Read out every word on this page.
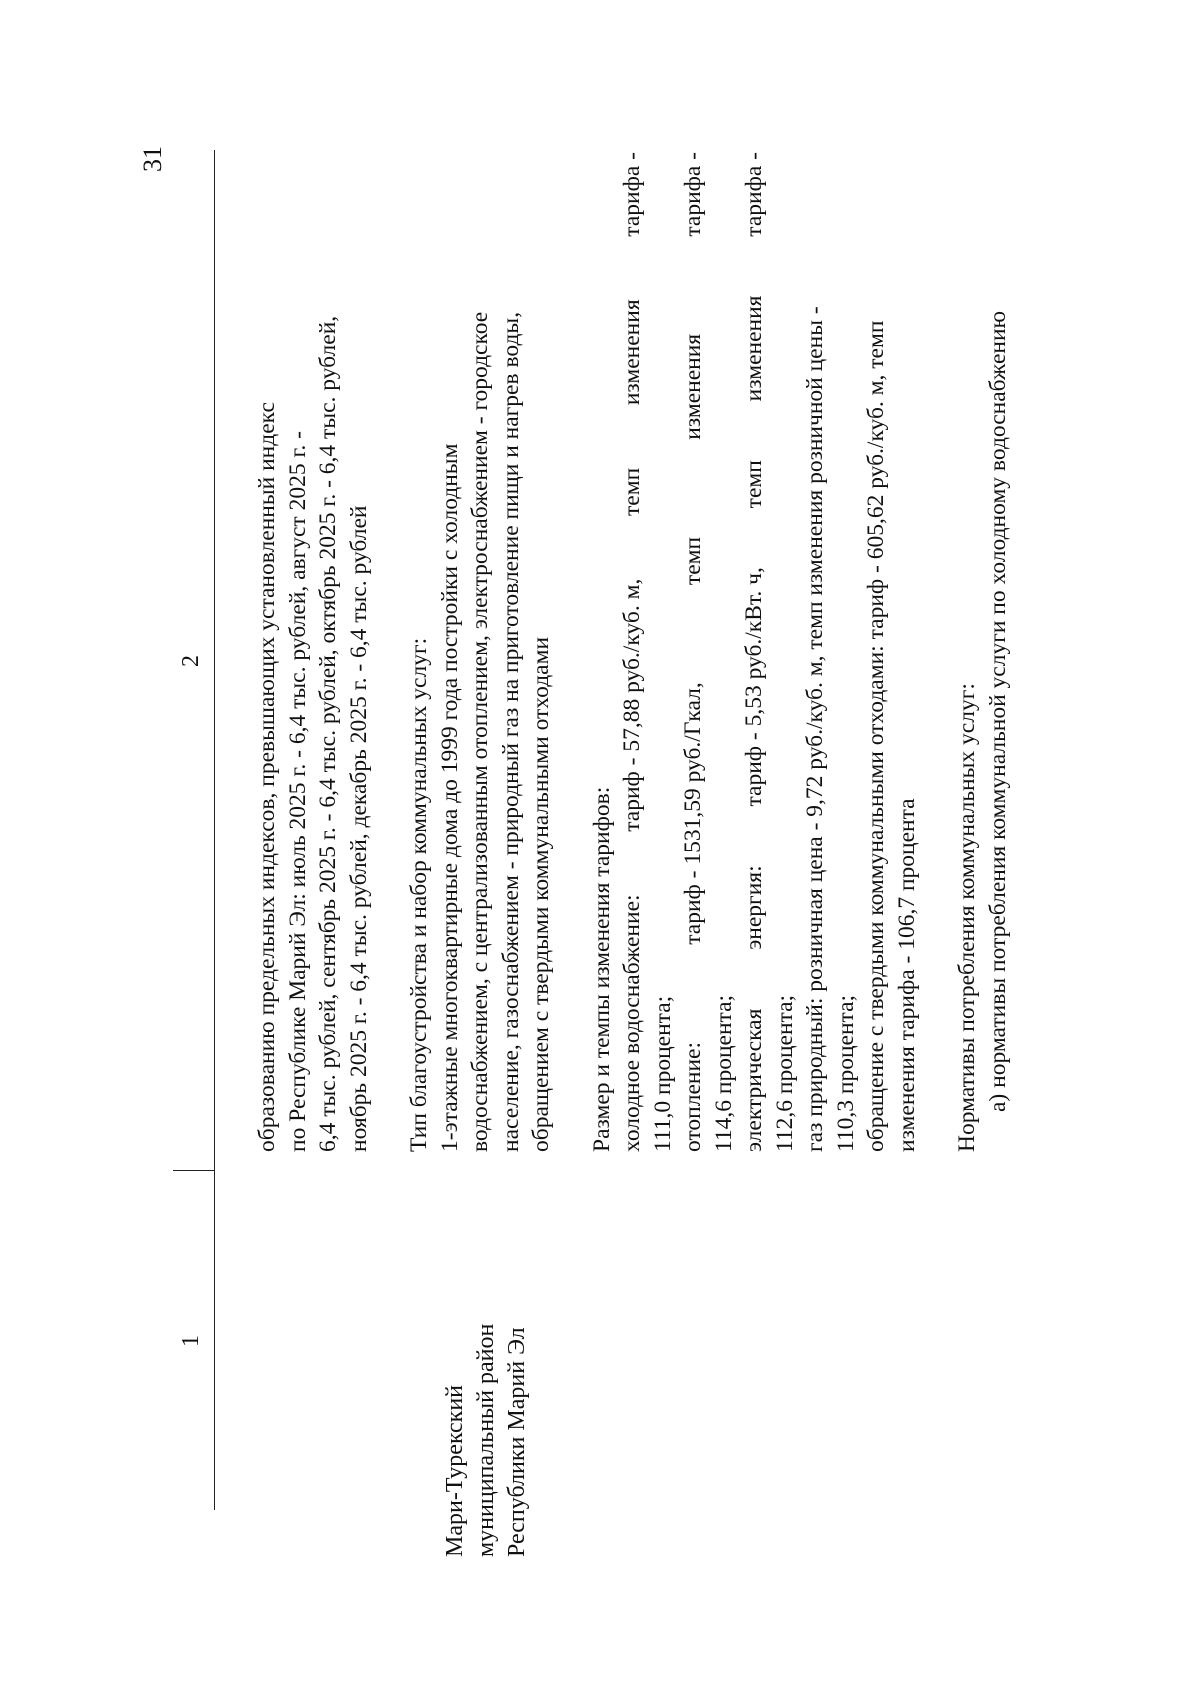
31
1
2
Мари-Турекский муниципальный район Республики Марий Эл

образованию предельных индексов, превышающих установленный индекс по Республике Марий Эл: июль 2025 г. - 6,4 тыс. рублей, август 2025 г. - 6,4 тыс. рублей, сентябрь 2025 г. - 6,4 тыс. рублей, октябрь 2025 г. - 6,4 тыс. рублей, ноябрь 2025 г. - 6,4 тыс. рублей, декабрь 2025 г. - 6,4 тыс. рублей Тип благоустройства и набор коммунальных услуг: 1-этажные многоквартирные дома до 1999 года постройки с холодным водоснабжением, с централизованным отоплением, электроснабжением - городское население, газоснабжением - природный газ на приготовление пищи и нагрев воды, обращением с твердыми коммунальными отходами Размер и темпы изменения тарифов: холодное водоснабжение:
тариф - 57,88 руб./куб. м,
темп
изменения
тарифа -

111,0 процента; отопление:
тариф - 1531,59 руб./Гкал,
темп
изменения
тарифа -

114,6 процента; электрическая
энергия:
тариф - 5,53 руб./кВт. ч,
темп
изменения
тарифа -

112,6 процента; газ природный: розничная цена - 9,72 руб./куб. м, темп изменения розничной цены - 110,3 процента; обращение с твердыми коммунальными отходами: тариф - 605,62 руб./куб. м, темп изменения тарифа - 106,7 процента Нормативы потребления коммунальных услуг: а) нормативы потребления коммунальной услуги по холодному водоснабжению
